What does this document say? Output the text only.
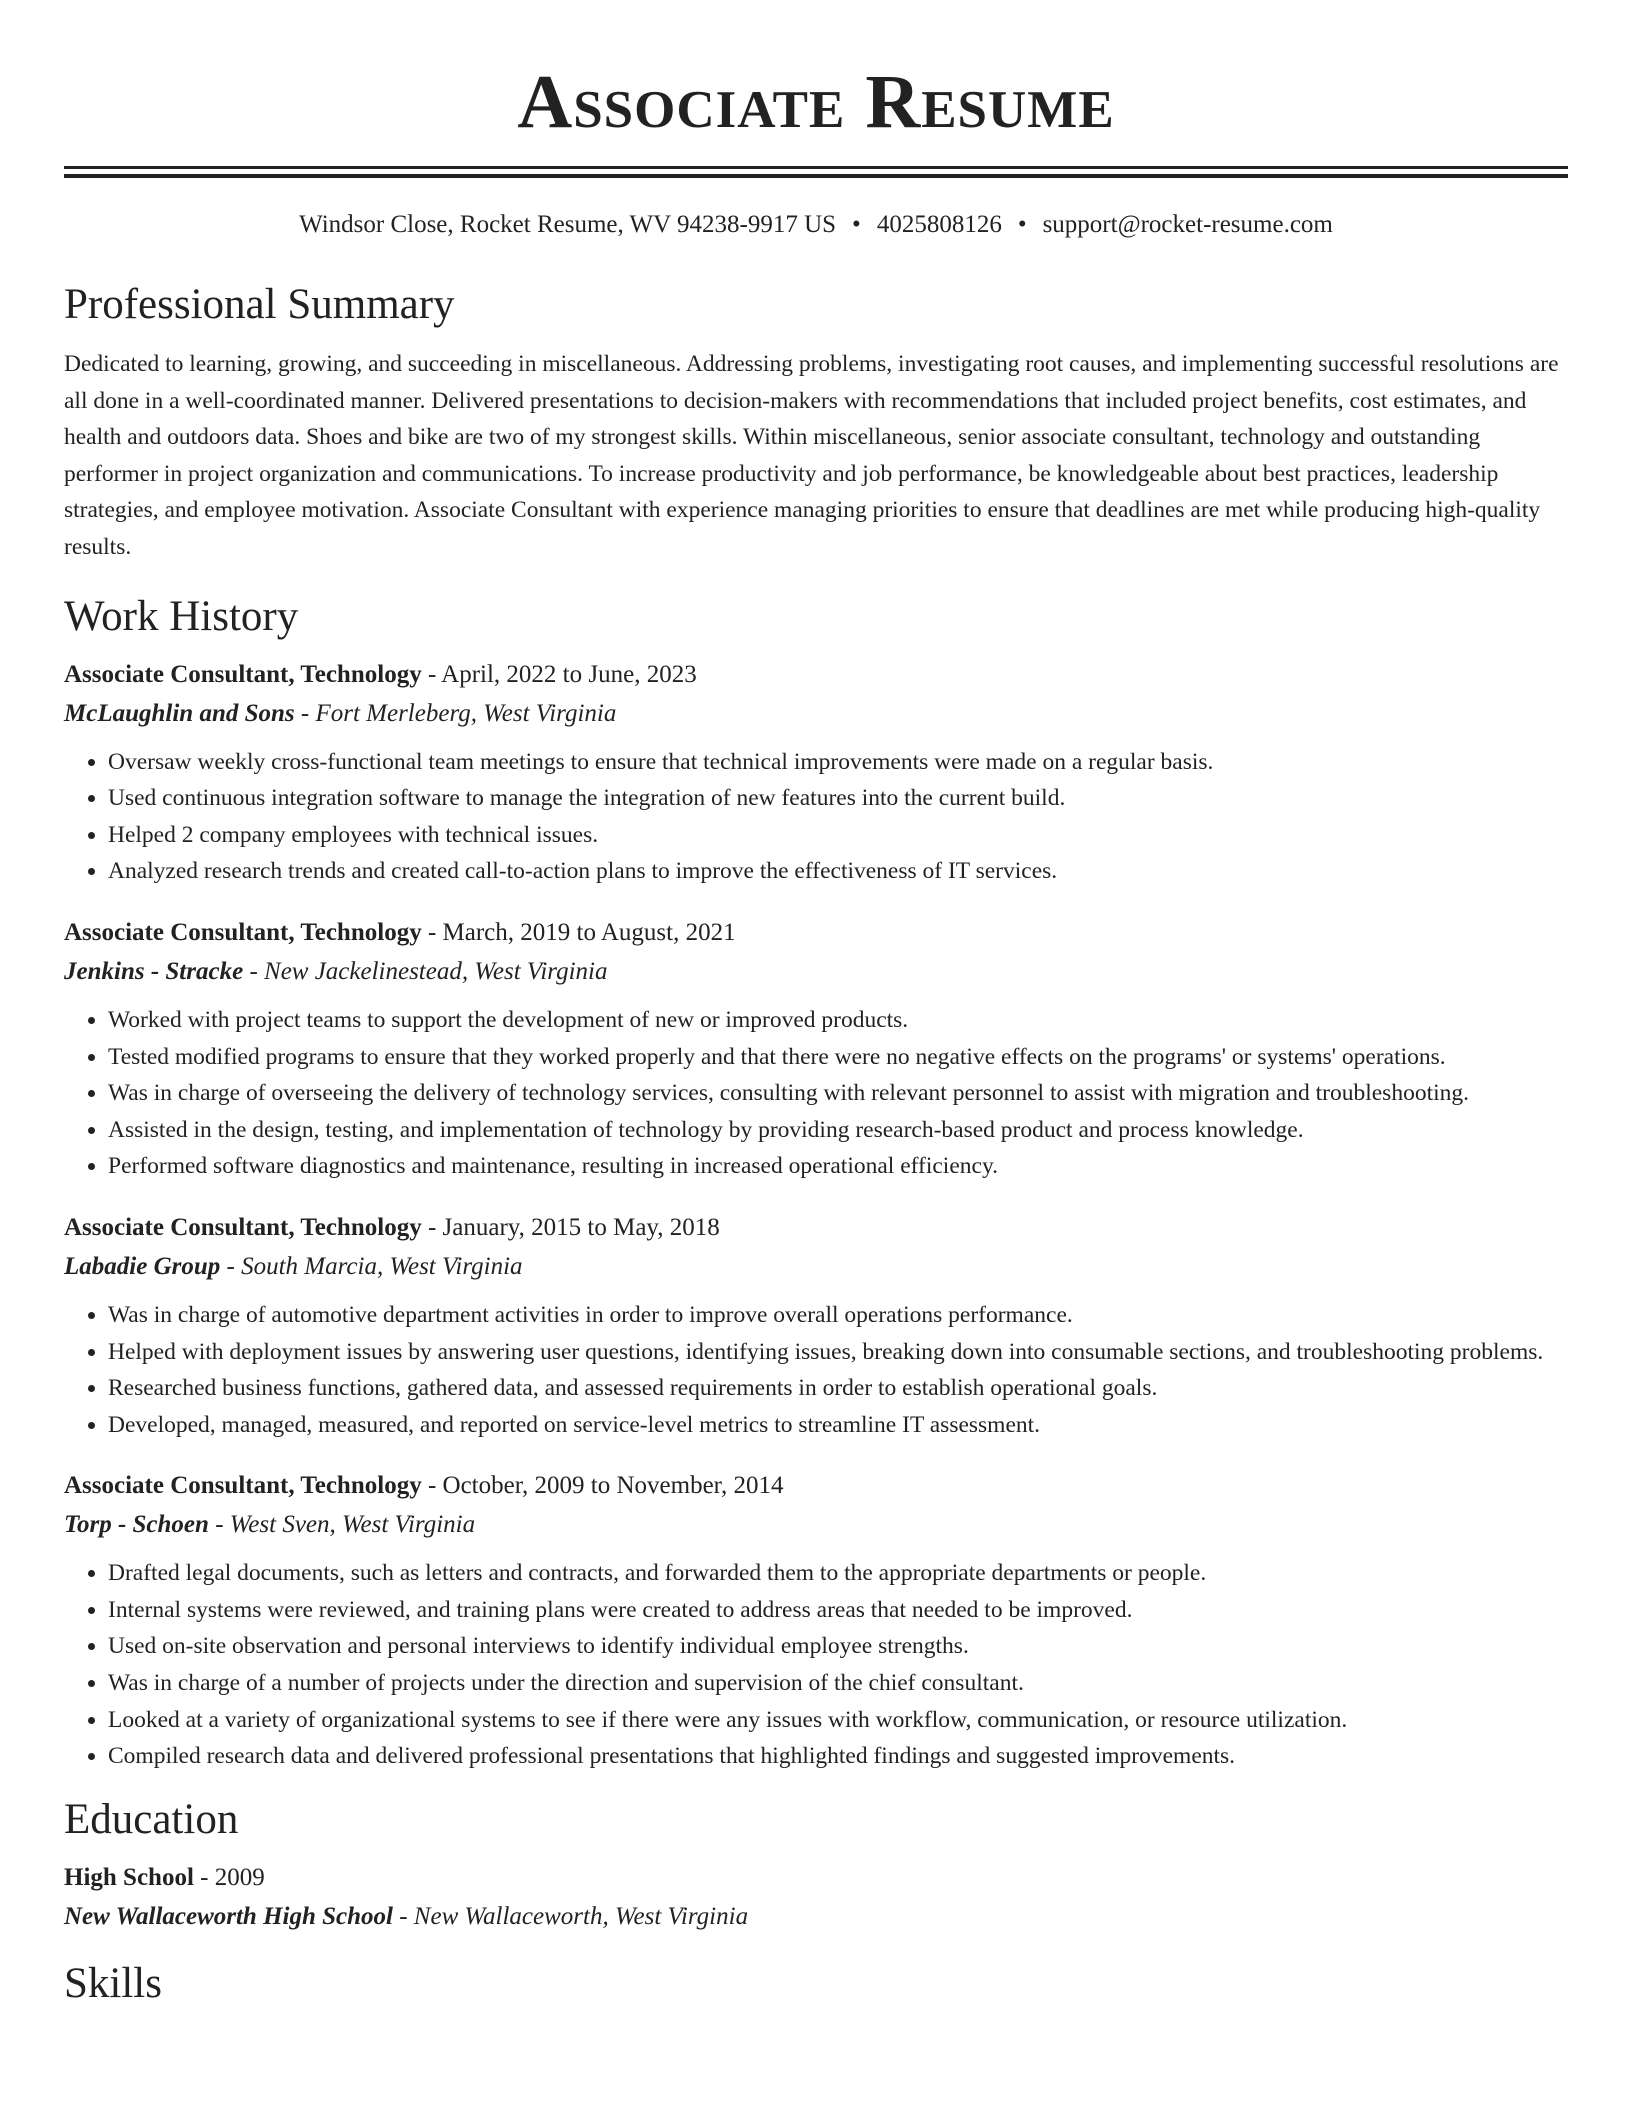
Associate Resume
Windsor Close, Rocket Resume, WV 94238-9917 US • 4025808126 • support@rocket-resume.com
Professional Summary

Dedicated to learning, growing, and succeeding in miscellaneous. Addressing problems, investigating root causes, and implementing successful resolutions are all done in a well-coordinated manner. Delivered presentations to decision-makers with recommendations that included project benefits, cost estimates, and health and outdoors data. Shoes and bike are two of my strongest skills. Within miscellaneous, senior associate consultant, technology and outstanding performer in project organization and communications. To increase productivity and job performance, be knowledgeable about best practices, leadership strategies, and employee motivation. Associate Consultant with experience managing priorities to ensure that deadlines are met while producing high-quality results.

Work History
Associate Consultant, Technology - April, 2022 to June, 2023
McLaughlin and Sons - Fort Merleberg, West Virginia
• Oversaw weekly cross-functional team meetings to ensure that technical improvements were made on a regular basis.
• Used continuous integration software to manage the integration of new features into the current build.
• Helped 2 company employees with technical issues.
• Analyzed research trends and created call-to-action plans to improve the effectiveness of IT services.
Associate Consultant, Technology - March, 2019 to August, 2021
Jenkins - Stracke - New Jackelinestead, West Virginia
• Worked with project teams to support the development of new or improved products.
• Tested modified programs to ensure that they worked properly and that there were no negative effects on the programs' or systems' operations.
• Was in charge of overseeing the delivery of technology services, consulting with relevant personnel to assist with migration and troubleshooting.
• Assisted in the design, testing, and implementation of technology by providing research-based product and process knowledge.
• Performed software diagnostics and maintenance, resulting in increased operational efficiency.
Associate Consultant, Technology - January, 2015 to May, 2018
Labadie Group - South Marcia, West Virginia
• Was in charge of automotive department activities in order to improve overall operations performance.
• Helped with deployment issues by answering user questions, identifying issues, breaking down into consumable sections, and troubleshooting problems.
• Researched business functions, gathered data, and assessed requirements in order to establish operational goals.
• Developed, managed, measured, and reported on service-level metrics to streamline IT assessment.
Associate Consultant, Technology - October, 2009 to November, 2014
Torp - Schoen - West Sven, West Virginia
• Drafted legal documents, such as letters and contracts, and forwarded them to the appropriate departments or people.
• Internal systems were reviewed, and training plans were created to address areas that needed to be improved.
• Used on-site observation and personal interviews to identify individual employee strengths.
• Was in charge of a number of projects under the direction and supervision of the chief consultant.
• Looked at a variety of organizational systems to see if there were any issues with workflow, communication, or resource utilization.
• Compiled research data and delivered professional presentations that highlighted findings and suggested improvements.
Education
High School - 2009
New Wallaceworth High School - New Wallaceworth, West Virginia
Skills
